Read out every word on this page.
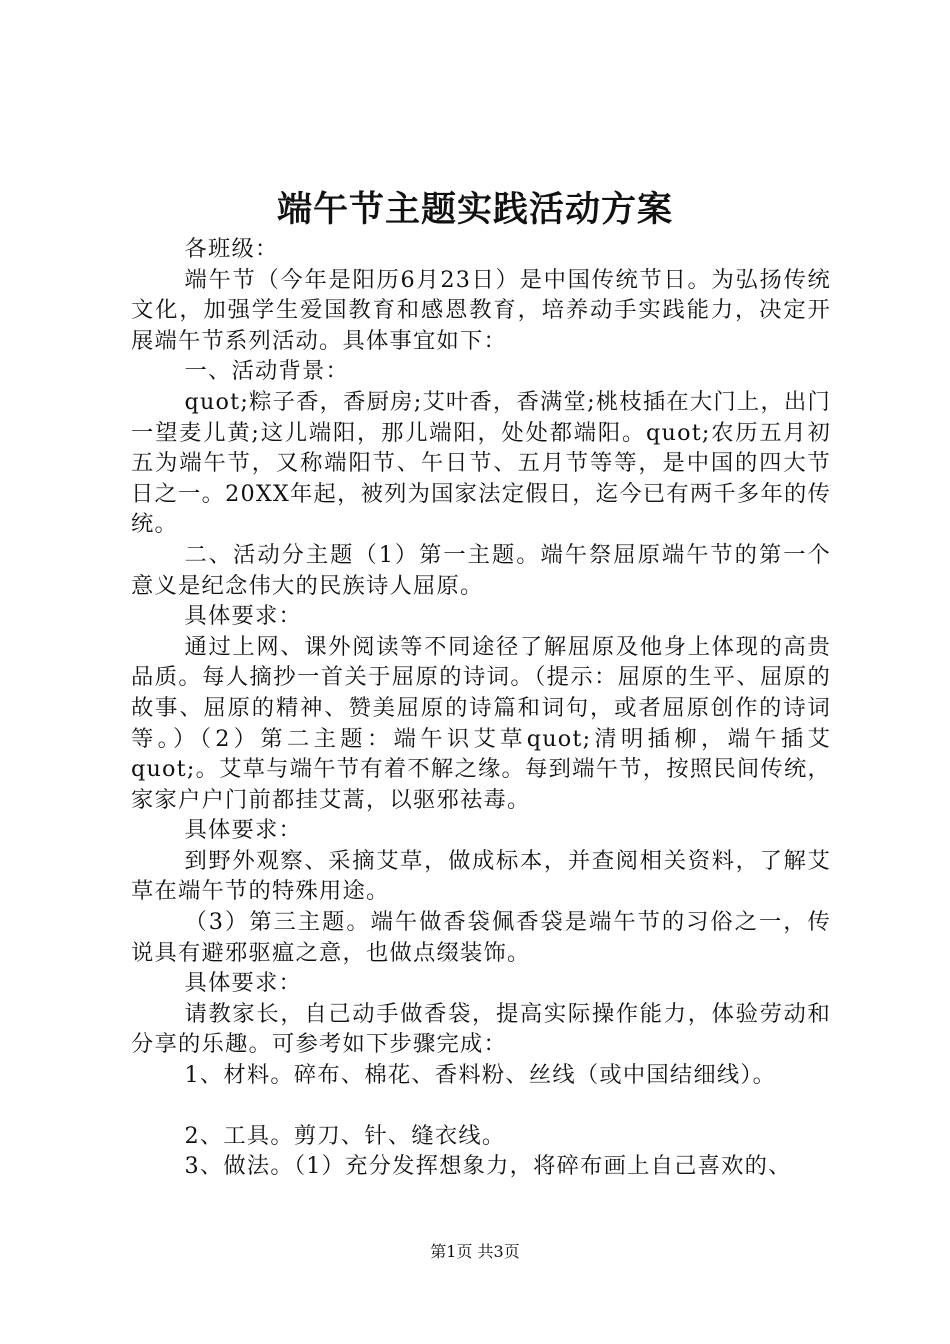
端午节主题实践活动方案

各班级：

端午节（今年是阳历6月23日）是中国传统节日。为弘扬传统文化，加强学生爱国教育和感恩教育，培养动手实践能力，决定开展端午节系列活动。具体事宜如下：

一、活动背景：

quot;粽子香，香厨房;艾叶香，香满堂;桃枝插在大门上，出门一望麦儿黄;这儿端阳，那儿端阳，处处都端阳。quot;农历五月初五为端午节，又称端阳节、午日节、五月节等等，是中国的四大节日之一。20XX年起，被列为国家法定假日，迄今已有两千多年的传统。

二、活动分主题（1）第一主题。端午祭屈原端午节的第一个意义是纪念伟大的民族诗人屈原。

具体要求：

通过上网、课外阅读等不同途径了解屈原及他身上体现的高贵品质。每人摘抄一首关于屈原的诗词。（提示：屈原的生平、屈原的故事、屈原的精神、赞美屈原的诗篇和词句，或者屈原创作的诗词等。）（2）第二主题：端午识艾草quot;清明插柳，端午插艾quot;。艾草与端午节有着不解之缘。每到端午节，按照民间传统，家家户户门前都挂艾蒿，以驱邪祛毒。

具体要求：

到野外观察、采摘艾草，做成标本，并查阅相关资料，了解艾草在端午节的特殊用途。

（3）第三主题。端午做香袋佩香袋是端午节的习俗之一，传说具有避邪驱瘟之意，也做点缀装饰。

具体要求：

请教家长，自己动手做香袋，提高实际操作能力，体验劳动和分享的乐趣。可参考如下步骤完成：

1、材料。碎布、棉花、香料粉、丝线（或中国结细线）。

2、工具。剪刀、针、缝衣线。

3、做法。（1）充分发挥想象力，将碎布画上自己喜欢的、

第1页 共3页
